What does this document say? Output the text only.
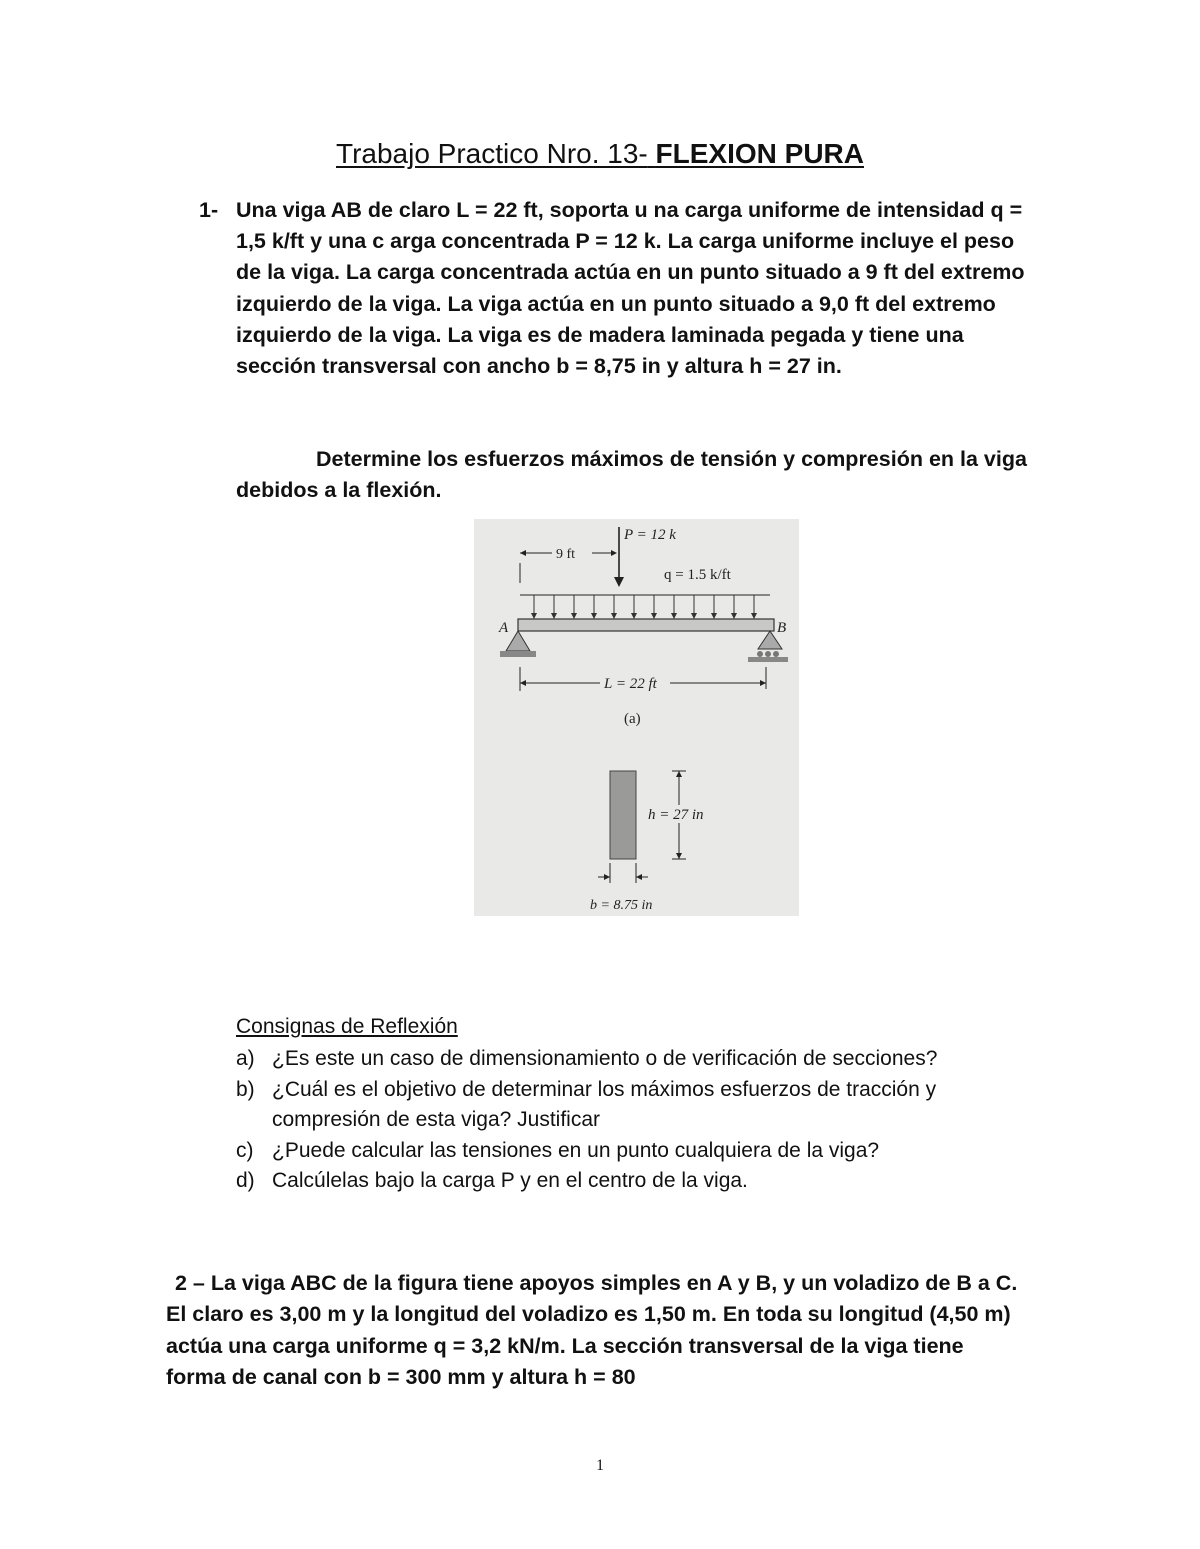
Trabajo Practico Nro. 13- FLEXION PURA
1- Una viga AB de claro L = 22 ft, soporta u na carga uniforme de intensidad q = 1,5 k/ft y una c arga concentrada P = 12 k. La carga uniforme incluye el peso de la viga. La carga concentrada actúa en un punto situado a 9 ft del extremo izquierdo de la viga. La viga actúa en un punto situado a 9,0 ft del extremo izquierdo de la viga. La viga es de madera laminada pegada y tiene una sección transversal con ancho b = 8,75 in y altura h = 27 in.
Determine los esfuerzos máximos de tensión y compresión en la viga debidos a la flexión.
P = 12 k
9 ft
q = 1.5 k/ft
A	B
L = 22 ft
(a)
h = 27 in
b = 8.75 in
Consignas de Reflexión
a) ¿Es este un caso de dimensionamiento o de verificación de secciones?
b) ¿Cuál es el objetivo de determinar los máximos esfuerzos de tracción y compresión de esta viga? Justificar
c) ¿Puede calcular las tensiones en un punto cualquiera de la viga?
d) Calcúlelas bajo la carga P y en el centro de la viga.
2 – La viga ABC de la figura tiene apoyos simples en A y B, y un voladizo de B a C. El claro es 3,00 m y la longitud del voladizo es 1,50 m. En toda su longitud (4,50 m) actúa una carga uniforme q = 3,2 kN/m. La sección transversal de la viga tiene forma de canal con b = 300 mm y altura h = 80
1
